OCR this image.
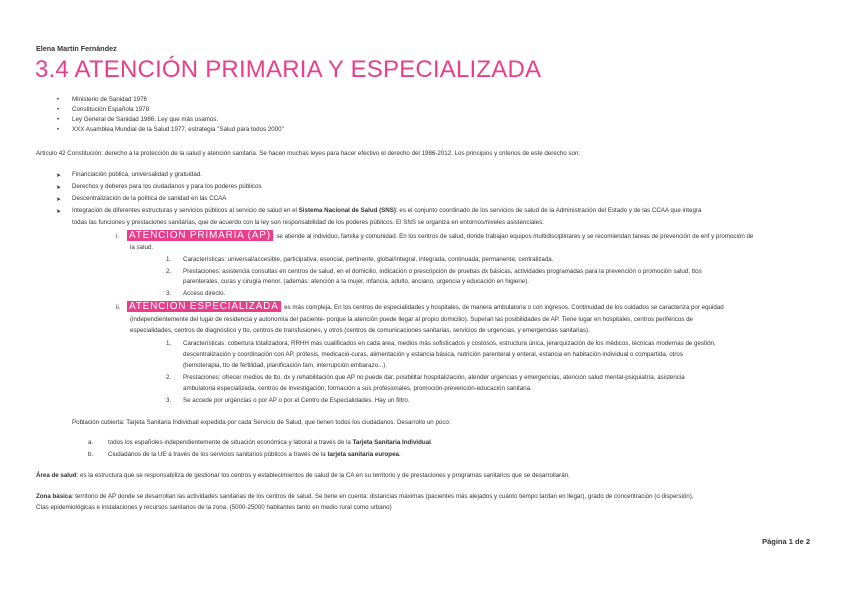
Elena Martín Fernández
3.4 ATENCIÓN PRIMARIA Y ESPECIALIZADA
• Ministerio de Sanidad 1976
• Constitución Española 1978
• Ley General de Sanidad 1986. Ley que más usamos.
• XXX Asamblea Mundial de la Salud 1977, estrategia "Salud para todos 2000"
Artículo 42 Constitución: derecho a la protección de la salud y atención sanitaria. Se hacen muchas leyes para hacer efectivo el derecho del 1986-2012. Los principios y criterios de este derecho son:
➤ Financiación pública, universalidad y gratuidad.
➤ Derechos y deberes para los ciudadanos y para los poderes públicos
➤ Descentralización de la política de sanidad en las CCAA
➤ Integración de diferentes estructuras y servicios públicos al servicio de salud en el Sistema Nacional de Salud (SNS): es el conjunto coordinado de los servicios de salud de la Administración del Estado y de las CCAA que integra
todas las funciones y prestaciones sanitarias, que de acuerdo con la ley son responsabilidad de los poderes públicos. El SNS se organiza en entornos/niveles asistenciales:
i. ATENCIÓN PRIMARIA (AP) : se atiende al individuo, familia y comunidad. En los centros de salud, donde trabajan equipos multidisciplinares y se recomiendan tareas de prevención de enf y promoción de
la salud.
1. Características: universal/accesible, participativa, esencial, pertinente, global/integral, integrada, continuada, permanente, centralizada.
2. Prestaciones: asistencia consultas en centros de salud, en el domicilio, indicación o prescripción de pruebas dx básicas, actividades programadas para la prevención o promoción salud, ttos
parenterales, curas y cirugía menor. (además: atención a la mujer, infancia, adulto, anciano, urgencia y educación en higiene).
3. Acceso directo.
ii. ATENCIÓN ESPECIALIZADA : es más compleja. En los centros de especialidades y hospitales, de manera ambulatoria o con ingresos. Continuidad de los cuidados se caracteriza por equidad
(independientemente del lugar de residencia y autonomía del paciente- porque la atención puede llegar al propio domicilio). Superan las posibilidades de AP. Tiene lugar en hospitales, centros periféricos de
especialidades, centros de diagnóstico y tto, centros de transfusiones, y otros (centros de comunicaciones sanitarias, servicios de urgencias, y emergencias sanitarias).
1. Características: cobertura totalizadora, RRHH más cualificados en cada área, medios más sofisticados y costosos, estructura única, jerarquización de los médicos, técnicas modernas de gestión,
descentralización y coordinación con AP, prótesis, medicació-curas, alimentación y estancia básica, nutrición parenteral y enteral, estancia en habitación individual o compartida, otros
(hemoterapia, tto de fertilidad, planificación fam, interrupción embarazo...).
2. Prestaciones: ofrecer medios de tto, dx y rehabilitación que AP no puede dar, posibilitar hospitalización, atender urgencias y emergencias, atención salud mental-psiquiatría, asistencia
ambulatoria especializada, centros de investigación, formación a sus profesionales, promoción-prevención-educación sanitaria.
3. Se accede por urgencias o por AP o por el Centro de Especialidades. Hay un filtro.
Población cubierta: Tarjeta Sanitaria Individual expedida por cada Servicio de Salud, que tienen todos los ciudadanos. Desarrollo un poco:
a. todos los españoles independientemente de situación económica y laboral a través de la Tarjeta Sanitaria Individual.
b. Ciudadanos de la UE a través de los servicios sanitarios públicos a través de la tarjeta sanitaria europea.
Área de salud: es la estructura que se responsabiliza de gestionar los centros y establecimientos de salud de la CA en su territorio y de prestaciones y programas sanitarios que se desarrollarán.
Zona básica: territorio de AP donde se desarrollan las actividades sanitarias de los centros de salud. Se tiene en cuenta: distancias máximas (pacientes más alejados y cuánto tiempo tardan en llegar), grado de concentración (o dispersión),
Ctas epidemiológicas e instalaciones y recursos sanitarios de la zona. (5000-25000 habitantes tanto en medio rural como urbano)
Página 1 de 2
